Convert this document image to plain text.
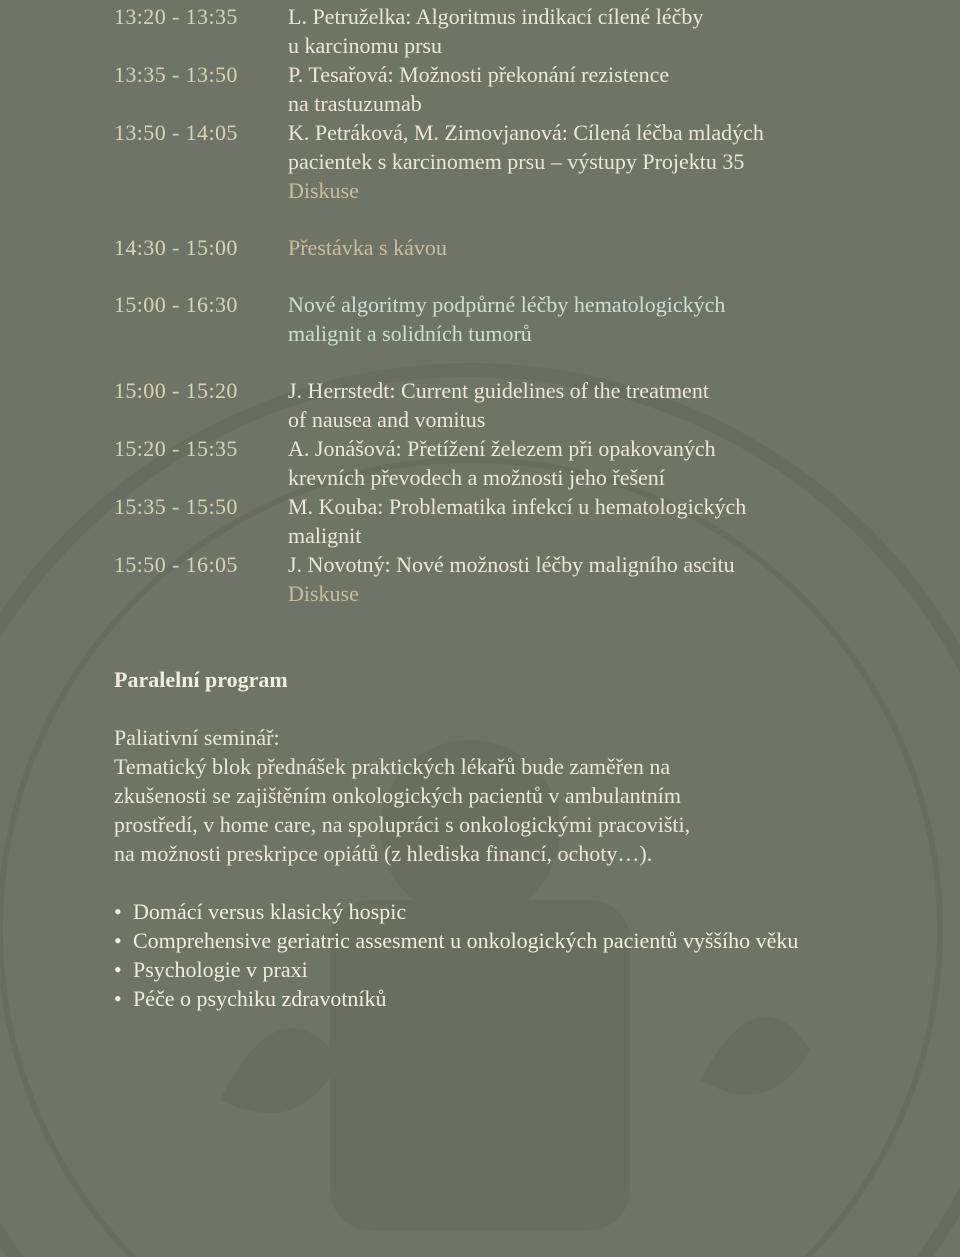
13:20 - 13:35	L. Petruželka: Algoritmus indikací cílené léčby
u karcinomu prsu
13:35 - 13:50	P. Tesařová: Možnosti překonání rezistence
na trastuzumab
13:50 - 14:05	K. Petráková, M. Zimovjanová: Cílená léčba mladých
pacientek s karcinomem prsu – výstupy Projektu 35
Diskuse
14:30 - 15:00	Přestávka s kávou
15:00 - 16:30	Nové algoritmy podpůrné léčby hematologických
malignit a solidních tumorů
15:00 - 15:20	J. Herrstedt: Current guidelines of the treatment
of nausea and vomitus
15:20 - 15:35	A. Jonášová: Přetížení železem při opakovaných
krevních převodech a možnosti jeho řešení
15:35 - 15:50	M. Kouba: Problematika infekcí u hematologických
malignit
15:50 - 16:05	J. Novotný: Nové možnosti léčby maligního ascitu
Diskuse
Paralelní program
Paliativní seminář:
Tematický blok přednášek praktických lékařů bude zaměřen na
zkušenosti se zajištěním onkologických pacientů v ambulantním
prostředí, v home care, na spolupráci s onkologickými pracovišti,
na možnosti preskripce opiátů (z hlediska financí, ochoty…).
• Domácí versus klasický hospic
• Comprehensive geriatric assesment u onkologických pacientů vyššího věku
• Psychologie v praxi
• Péče o psychiku zdravotníků
